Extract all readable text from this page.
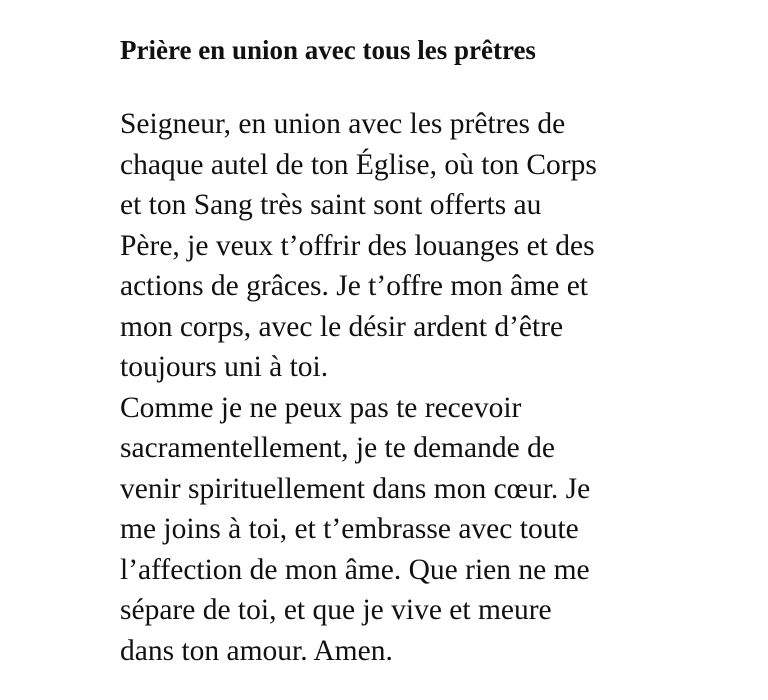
Prière en union avec tous les prêtres
Seigneur, en union avec les prêtres de
chaque autel de ton Église, où ton Corps
et ton Sang très saint sont offerts au
Père, je veux t’offrir des louanges et des
actions de grâces. Je t’offre mon âme et
mon corps, avec le désir ardent d’être
toujours uni à toi.
Comme je ne peux pas te recevoir
sacramentellement, je te demande de
venir spirituellement dans mon cœur. Je
me joins à toi, et t’embrasse avec toute
l’affection de mon âme. Que rien ne me
sépare de toi, et que je vive et meure
dans ton amour. Amen.
